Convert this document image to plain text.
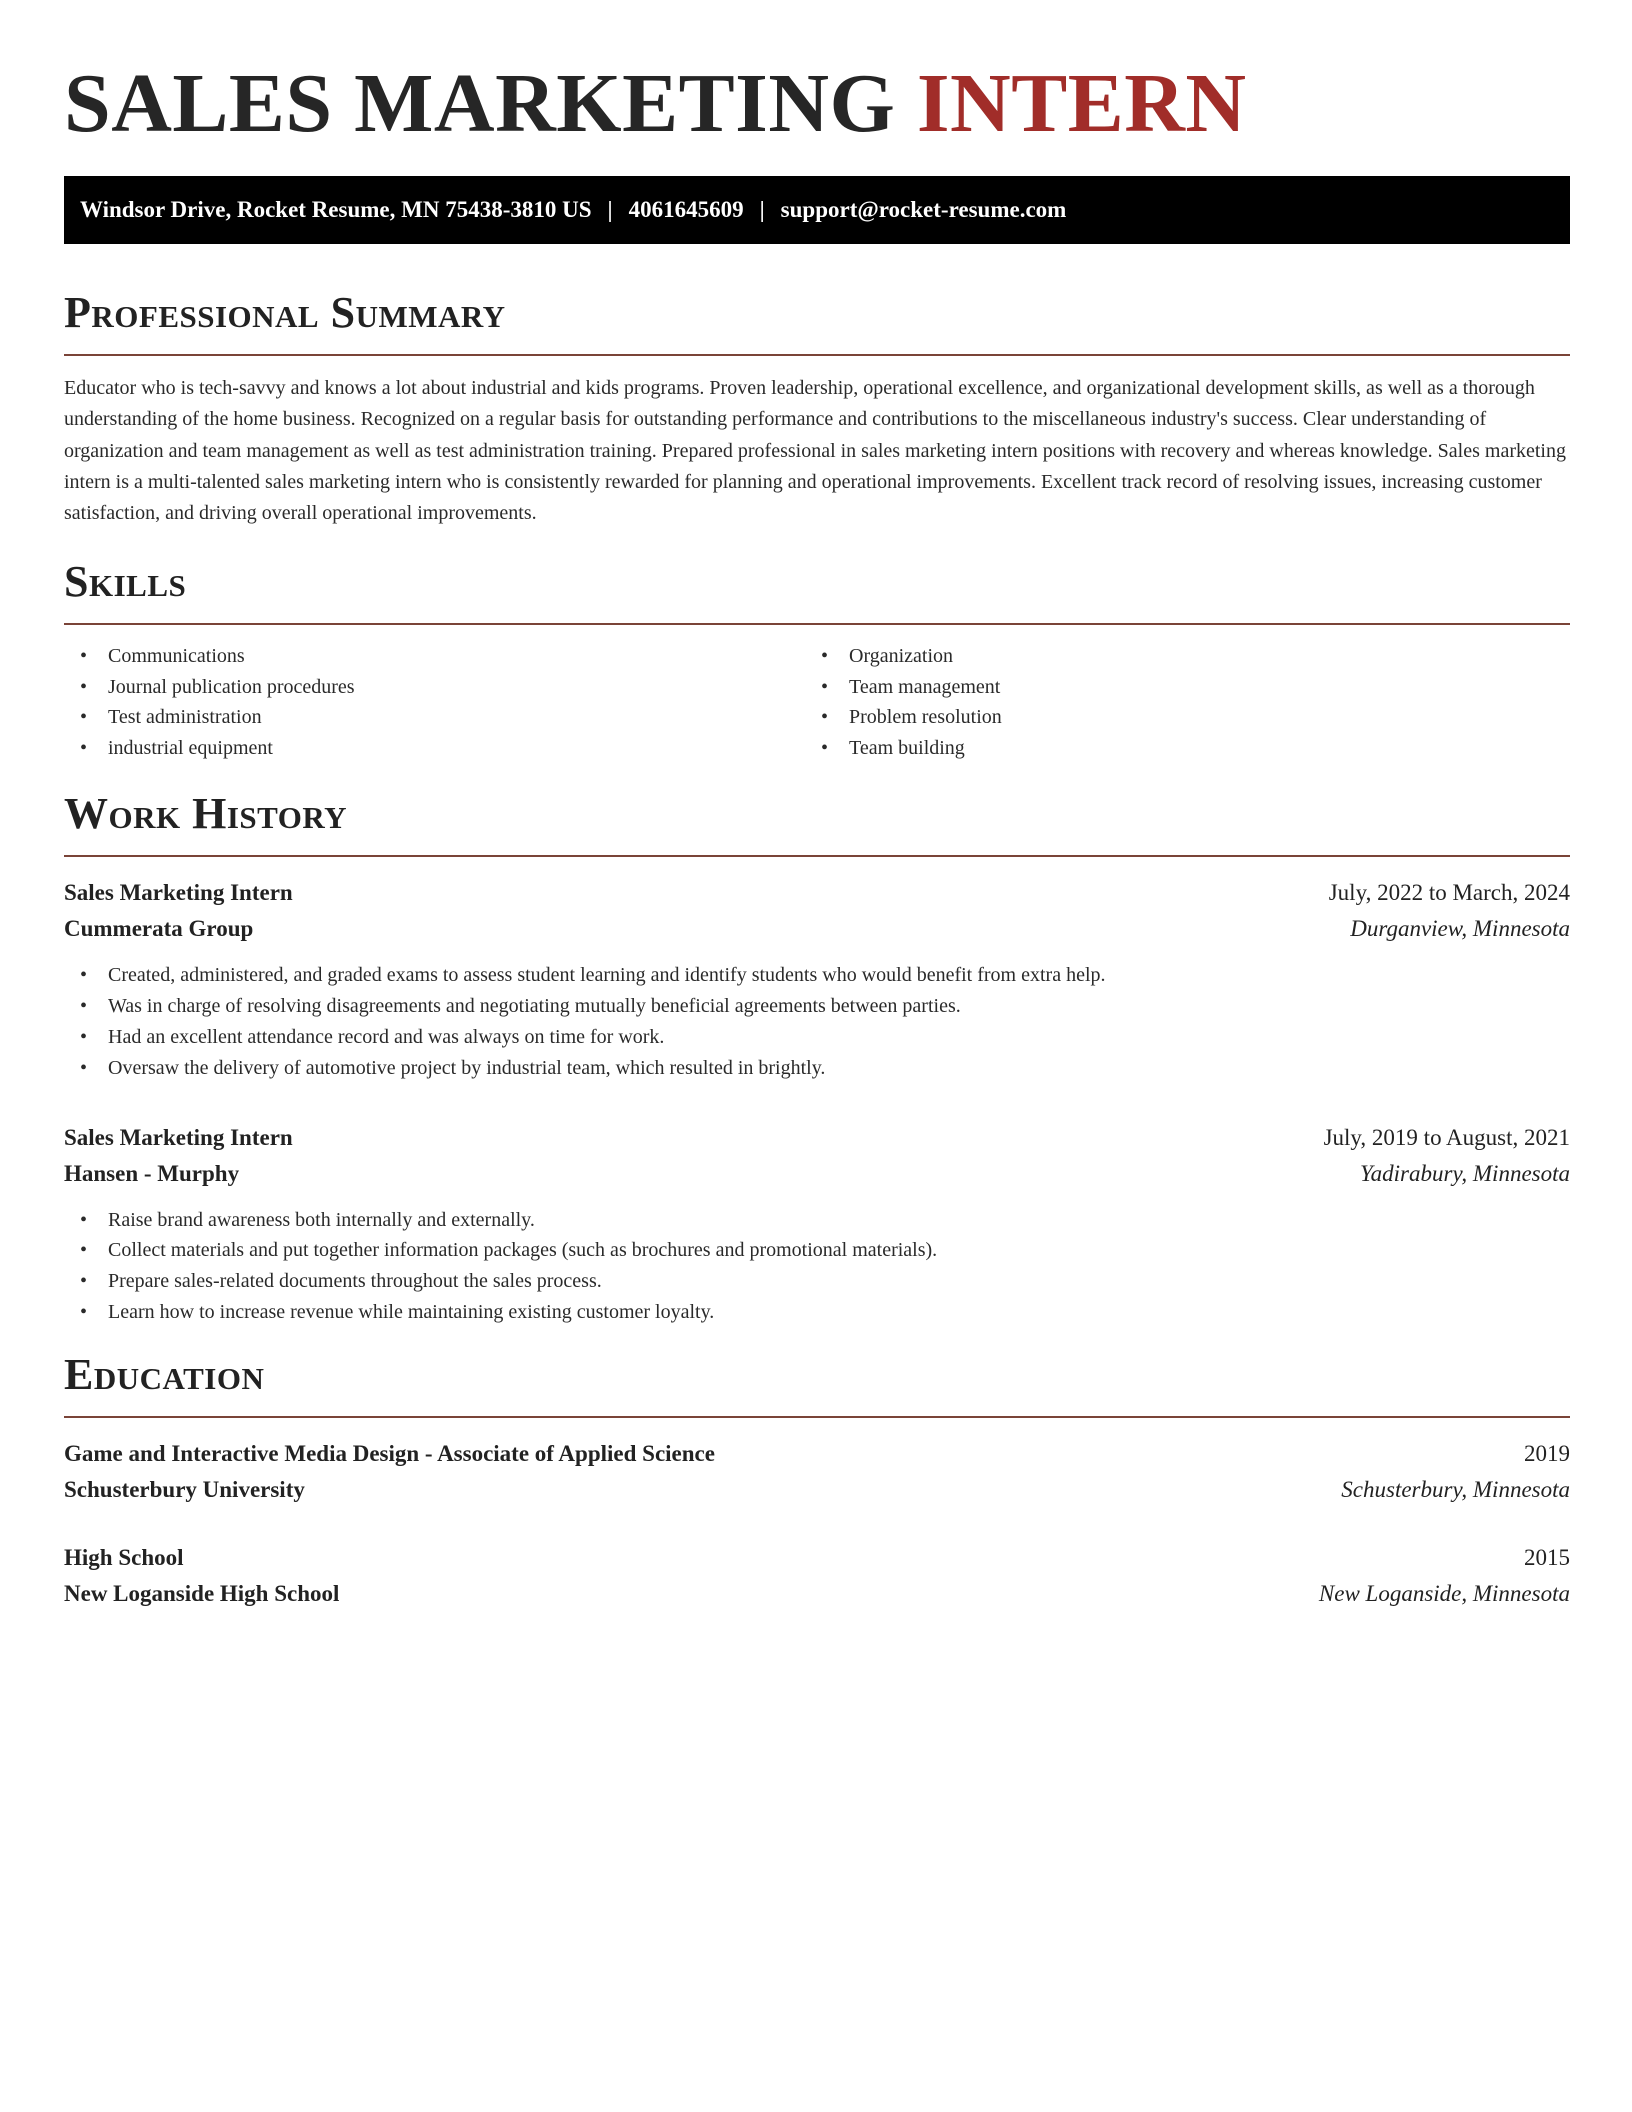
SALES MARKETING INTERN
Windsor Drive, Rocket Resume, MN 75438-3810 US | 4061645609 | support@rocket-resume.com
Professional Summary

Educator who is tech-savvy and knows a lot about industrial and kids programs. Proven leadership, operational excellence, and organizational development skills, as well as a thorough understanding of the home business. Recognized on a regular basis for outstanding performance and contributions to the miscellaneous industry's success. Clear understanding of organization and team management as well as test administration training. Prepared professional in sales marketing intern positions with recovery and whereas knowledge. Sales marketing intern is a multi-talented sales marketing intern who is consistently rewarded for planning and operational improvements. Excellent track record of resolving issues, increasing customer satisfaction, and driving overall operational improvements.

Skills
• Communications
• Journal publication procedures
• Test administration
• industrial equipment
• Organization
• Team management
• Problem resolution
• Team building
Work History
Sales Marketing Intern	July, 2022 to March, 2024
Cummerata Group	Durganview, Minnesota
• Created, administered, and graded exams to assess student learning and identify students who would benefit from extra help.
• Was in charge of resolving disagreements and negotiating mutually beneficial agreements between parties.
• Had an excellent attendance record and was always on time for work.
• Oversaw the delivery of automotive project by industrial team, which resulted in brightly.
Sales Marketing Intern	July, 2019 to August, 2021
Hansen - Murphy	Yadirabury, Minnesota
• Raise brand awareness both internally and externally.
• Collect materials and put together information packages (such as brochures and promotional materials).
• Prepare sales-related documents throughout the sales process.
• Learn how to increase revenue while maintaining existing customer loyalty.
Education
Game and Interactive Media Design - Associate of Applied Science	2019
Schusterbury University	Schusterbury, Minnesota
High School	2015
New Loganside High School	New Loganside, Minnesota
